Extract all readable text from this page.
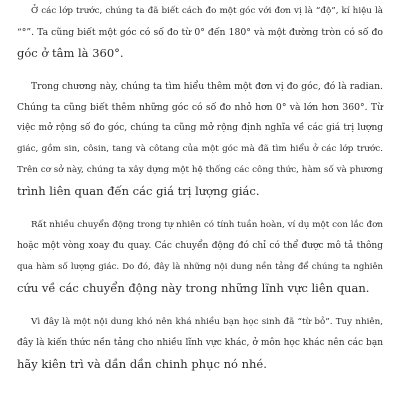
Ở các lớp trước, chúng ta đã biết cách đo một góc với đơn vị là “độ”, kí hiệu là
“°”. Ta cũng biết một góc có số đo từ 0° đến 180° và một đường tròn có số đo
góc ở tâm là 360°.
Trong chương này, chúng ta tìm hiểu thêm một đơn vị đo góc, đó là radian.
Chúng ta cũng biết thêm những góc có số đo nhỏ hơn 0° và lớn hơn 360°. Từ
việc mở rộng số đo góc, chúng ta cũng mở rộng định nghĩa về các giá trị lượng
giác, gồm sin, côsin, tang và côtang của một góc mà đã tìm hiểu ở các lớp trước.
Trên cơ sở này, chúng ta xây dựng một hệ thống các công thức, hàm số và phương
trình liên quan đến các giá trị lượng giác.
Rất nhiều chuyển động trong tự nhiên có tính tuần hoàn, ví dụ một con lắc đơn
hoặc một vòng xoay đu quay. Các chuyển động đó chỉ có thể được mô tả thông
qua hàm số lượng giác. Do đó, đây là những nội dung nền tảng để chúng ta nghiên
cứu về các chuyển động này trong những lĩnh vực liên quan.
Vì đây là một nội dung khó nên khá nhiều bạn học sinh đã “từ bỏ”. Tuy nhiên,
đây là kiến thức nền tảng cho nhiều lĩnh vực khác, ở môn học khác nên các bạn
hãy kiên trì và dần dần chinh phục nó nhé.
